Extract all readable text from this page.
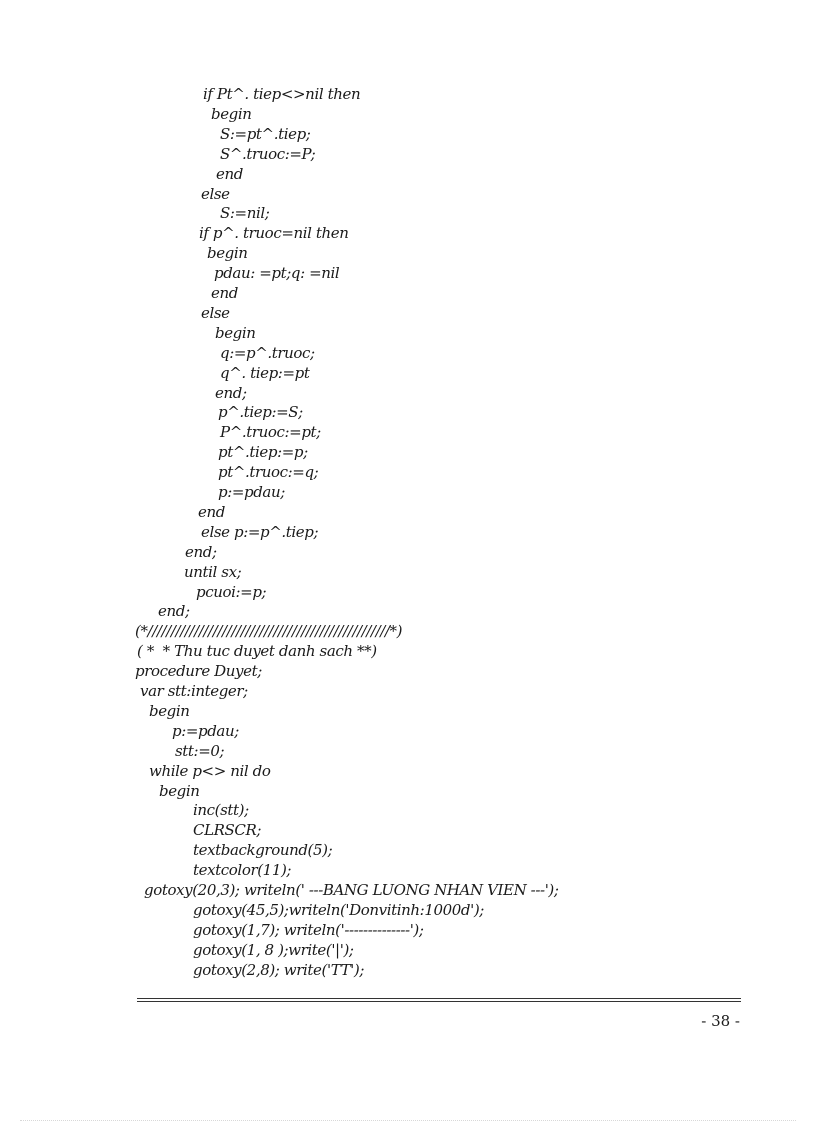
if Pt^. tiep<>nil then
begin
S:=pt^.tiep;
S^.truoc:=P;
end
else
S:=nil;
if p^. truoc=nil then
begin
pdau: =pt;q: =nil
end
else
begin
q:=p^.truoc;
q^. tiep:=pt
end;
p^.tiep:=S;
P^.truoc:=pt;
pt^.tiep:=p;
pt^.truoc:=q;
p:=pdau;
end
else p:=p^.tiep;
end;
until sx;
pcuoi:=p;
end;
(*////////////////////////////////////////////////////*)
( *  * Thu tuc duyet danh sach **)
procedure Duyet;
var stt:integer;
begin
p:=pdau;
stt:=0;
while p<> nil do
begin
inc(stt);
CLRSCR;
textbackground(5);
textcolor(11);
gotoxy(20,3); writeln(' ---BANG LUONG NHAN VIEN ---');
gotoxy(45,5);writeln('Donvitinh:1000d');
gotoxy(1,7); writeln('--------------');
gotoxy(1, 8 );write('|');
gotoxy(2,8); write('TT');
- 38 -
